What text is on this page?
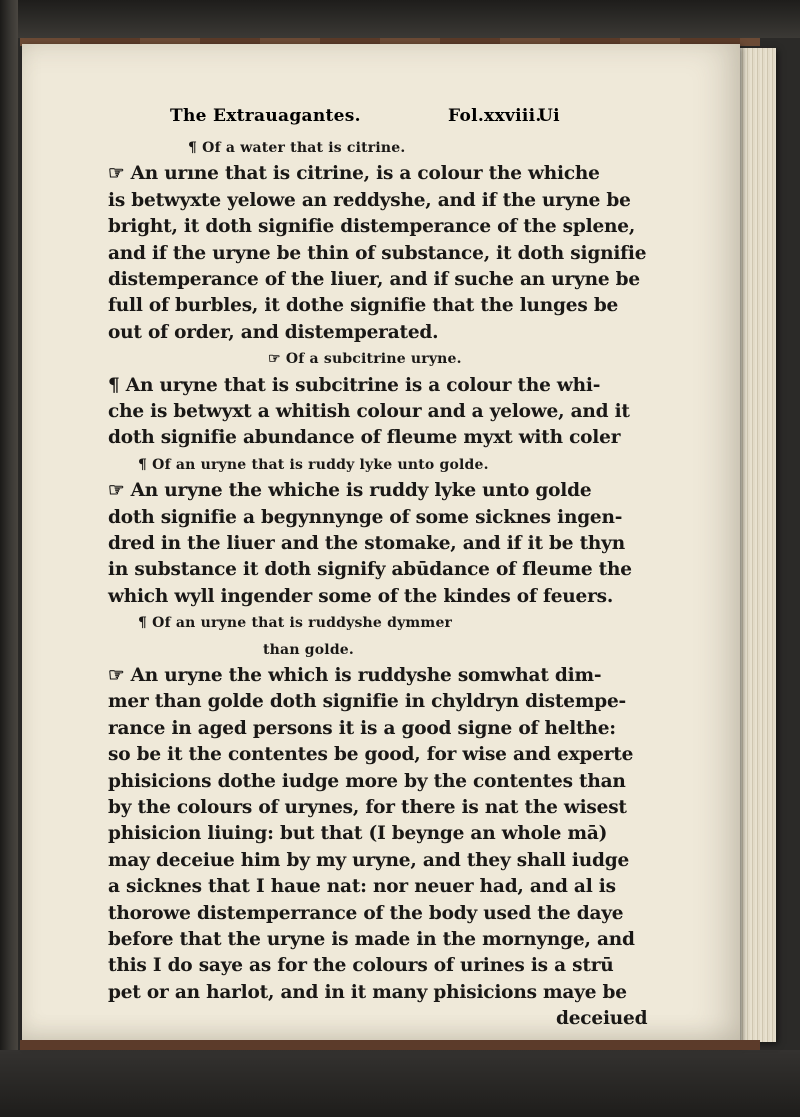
The Extrauagantes.	Fol.xxviii.
Ui
¶ Of a water that is citrine.
☞ An urıne that is citrine, is a colour the whiche
is betwyxte yelowe an reddyshe, and if the uryne be
bright, it doth signifie distemperance of the splene,
and if the uryne be thin of substance, it doth signifie
distemperance of the liuer, and if suche an uryne be
full of burbles, it dothe signifie that the lunges be
out of order, and distemperated.
☞ Of a subcitrine uryne.
¶ An uryne that is subcitrine is a colour the whi-
che is betwyxt a whitish colour and a yelowe, and it
doth signifie abundance of fleume myxt with coler
¶ Of an uryne that is ruddy lyke unto golde.
☞ An uryne the whiche is ruddy lyke unto golde
doth signifie a begynnynge of some sicknes ingen-
dred in the liuer and the stomake, and if it be thyn
in substance it doth signify abūdance of fleume the
which wyll ingender some of the kindes of feuers.
¶ Of an uryne that is ruddyshe dymmer
than golde.
☞ An uryne the which is ruddyshe somwhat dim-
mer than golde doth signifie in chyldryn distempe-
rance in aged persons it is a good signe of helthe:
so be it the contentes be good, for wise and experte
phisicions dothe iudge more by the contentes than
by the colours of urynes, for there is nat the wisest
phisicion liuing: but that (I beynge an whole mā)
may deceiue him by my uryne, and they shall iudge
a sicknes that I haue nat: nor neuer had, and al is
thorowe distemperrance of the body used the daye
before that the uryne is made in the mornynge, and
this I do saye as for the colours of urines is a strū
pet or an harlot, and in it many phisicions maye be
deceiued
